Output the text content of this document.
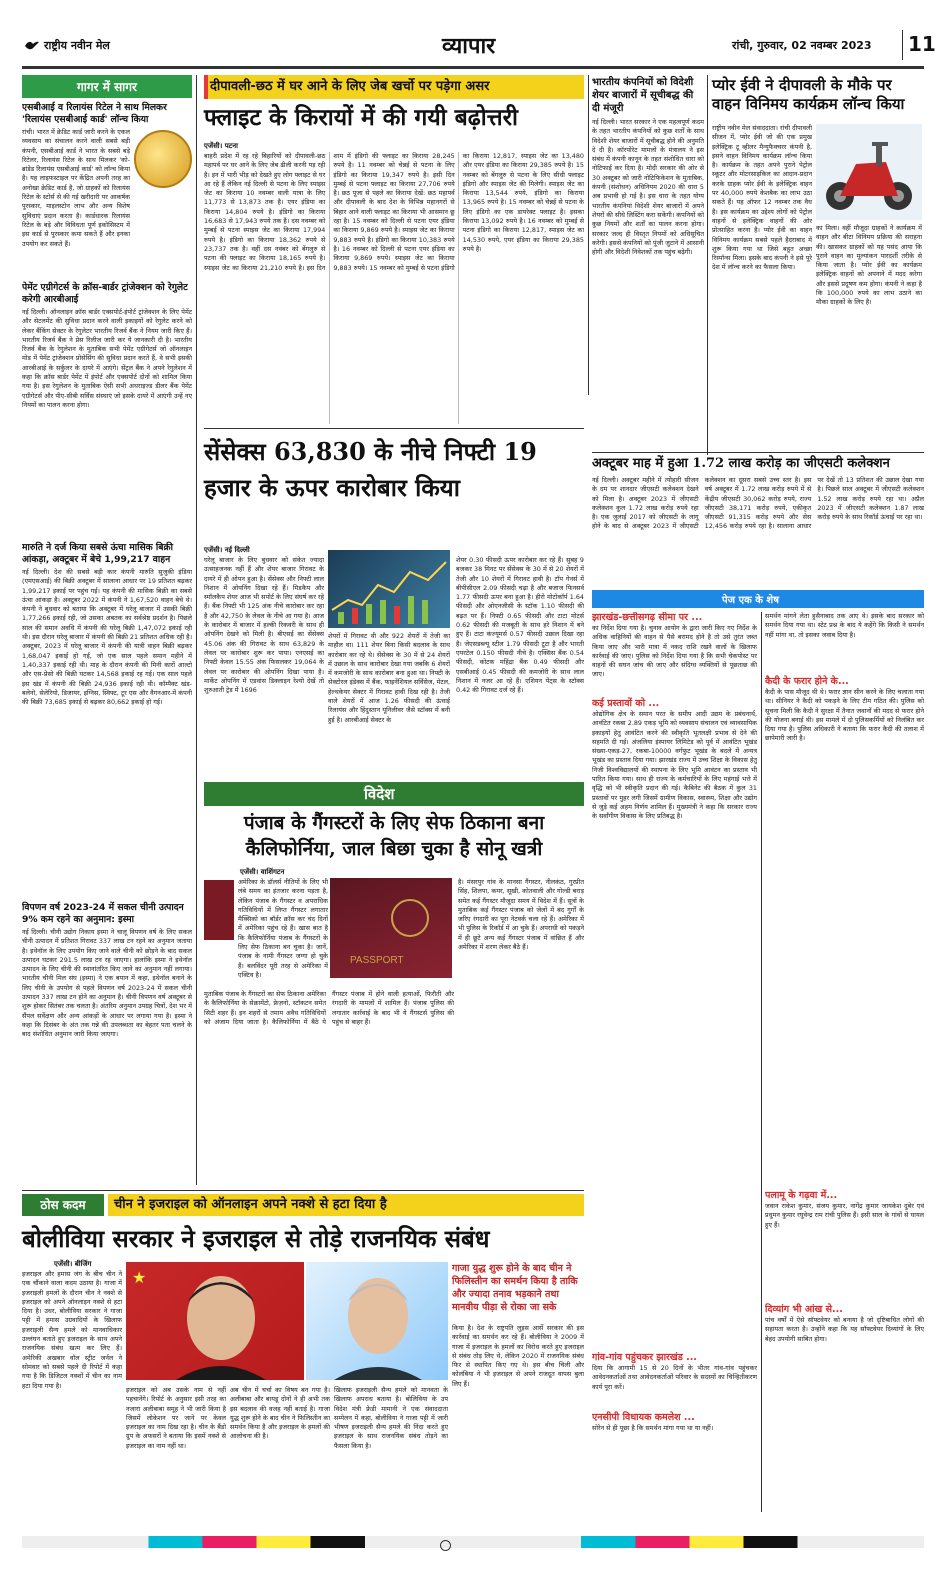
राष्ट्रीय नवीन मेल	व्यापार	रांची, गुरुवार, 02 नवम्बर 2023 11
गागर में सागर
एसबीआई व रिलायंस रिटेल ने साथ मिलकर 'रिलायंस एसबीआई कार्ड' लॉन्च किया
रांची। भारत में क्रेडिट कार्ड जारी करने के एकल व्यवसाय का संचालन करने वाली सबसे बड़ी कंपनी, एसबीआई कार्ड ने भारत के सबसे बड़े रिटेलर, रिलायंस रिटेल के साथ मिलकर 'को-ब्रांडेड रिलायंस एसबीआई कार्ड' को लॉन्च किया है। यह लाइफस्टाइल पर केंद्रित अपनी तरह का अनोखा क्रेडिट कार्ड है, जो ग्राहकों को रिलायंस रिटेल के स्टोर्स से की गई खरीदारी पर आकर्षक पुरस्कार, माइलस्टोन लाभ और अन्य विशेष सुविधाएं प्रदान करता है। कार्डधारक रिलायंस रिटेल के बड़े और विविधता पूर्ण इकोसिस्टम में इस कार्ड से पुरस्कार कमा सकते हैं और इनका उपयोग कर सकते हैं।
पेमेंट एग्रीगेटर्स के क्रॉस-बार्डर ट्रांजेक्शन को रेगुलेट करेगी आरबीआई
नई दिल्ली। ऑनलाइन क्रॉस बार्डर एक्सपोर्ट-इंपोर्ट ट्रांजेक्शन के लिए पेमेंट और सेटलमेंट की सुविधा प्रदान करने वाली इकाइयों को रेगुलेट करने को लेकर बैंकिंग सेक्टर के रेगुलेटर भारतीय रिजर्व बैंक ने नियम जारी किए हैं। भारतीय रिजर्व बैंक ने प्रेस रिलीज जारी कर ये जानकारी दी है। भारतीय रिजर्व बैंक के रेगुलेशन के मुताबिक सभी पेमेंट एग्रीगेटर्स जो ऑनलाइन मोड में पेमेंट ट्रांजेक्शन प्रोसेसिंग की सुविधा प्रदान करते हैं, वे सभी इसकी आरबीआई के सर्कुलर के दायरे में आएंगे। सेंट्रल बैंक ने अपने रेगुलेशन में कहा कि क्रॉस बार्डर पेमेंट में इंपोर्ट और एक्सपोर्ट दोनों को शामिल किया गया है। इस रेगुलेशन के मुताबिक ऐसी सभी अथराइज्ड डीलर बैंक पेमेंट एग्रीगेटर्स और पीए-सीबी सर्विस संस्थाएं जो इसके दायरे में आएंगी उन्हें नए नियमों का पालन करना होगा।
मारुति ने दर्ज किया सबसे ऊंचा मासिक बिक्री आंकड़ा, अक्टूबर में बेचे 1,99,217 वाहन
नई दिल्ली। देश की सबसे बड़ी कार कंपनी मारुति सुजुकी इंडिया (एमएसआई) की बिक्री अक्टूबर में सालाना आधार पर 19 प्रतिशत बढ़कर 1,99,217 इकाई पर पहुंच गई। यह कंपनी की मासिक बिक्री का सबसे ऊंचा आंकड़ा है। अक्टूबर 2022 में कंपनी ने 1,67,520 वाहन बेचे थे। कंपनी ने बुधवार को बताया कि अक्टूबर में घरेलू बाजार में उसकी बिक्री 1,77,266 इकाई रही, जो उसका अबतक का सर्वश्रेष्ठ प्रदर्शन है। पिछले साल की समान अवधि में कंपनी की घरेलू बिक्री 1,47,072 इकाई रही थी। इस दौरान घरेलू बाजार में कंपनी की बिक्री 21 प्रतिशत अधिक रही है। अक्टूबर, 2023 में घरेलू बाजार में कंपनी की यात्री वाहन बिक्री बढ़कर 1,68,047 इकाई हो गई, जो एक साल पहले समान महीने में 1,40,337 इकाई रही थी। माह के दौरान कंपनी की मिनी कारों आल्टो और एस-प्रेसो की बिक्री घटकर 14,568 इकाई रह गई। एक साल पहले इस खंड में कंपनी की बिक्री 24,936 इकाई रही थी। कॉम्पैक्ट खंड-बलेनो, सेलेरियो, डिजायर, इग्निस, स्विफ्ट, टूर एस और वैगनआर-में कंपनी की बिक्री 73,685 इकाई से बढ़कर 80,662 इकाई हो गई।
विपणन वर्ष 2023-24 में सकल चीनी उत्पादन 9% कम रहने का अनुमान: इस्मा
नई दिल्ली। चीनी उद्योग निकाय इस्मा ने चालू विपणन वर्ष के लिए सकल चीनी उत्पादन में प्रतिशत गिरावट 337 लाख टन रहने का अनुमान जताया है। इथेनॉल के लिए उपयोग किए जाने वाले चीनी को छोड़ने के बाद सकल उत्पादन घटकर 291.5 लाख टन रह जाएगा। हालांकि इस्मा ने इथेनॉल उत्पादन के लिए चीनी की स्थानांतरित किए जाने का अनुमान नहीं लगाया। भारतीय चीनी मिल संघ (इस्मा) ने एक बयान में कहा, इथेनॉल बनाने के लिए चीनी के उपयोग से पहले विपणन वर्ष 2023-24 में सकल चीनी उत्पादन 337 लाख टन होने का अनुमान है। चीनी विपणन वर्ष अक्टूबर से शुरू होकर सितंबर तक चलता है। अंतरिम अनुमान उपग्रह चित्रों, देश भर में सैंपल सर्वेक्षण और अन्य आंकड़ों के आधार पर लगाया गया है। इस्मा ने कहा कि दिसंबर के अंत तक गन्ने की उपलब्धता का बेहतर पता चलने के बाद संशोधित अनुमान जारी किया जाएगा।
दीपावली-छठ में घर आने के लिए जेब खर्चो पर पड़ेगा असर
फ्लाइट के किरायों में की गयी बढ़ोत्तरी
एजेंसी। पटना
बाहरी प्रदेश में रह रहे बिहारियों को दीपावली-छठ महापर्व पर घर आने के लिए जेब ढीली करनी पड़ रही है। इन में भारी भीड़ को देखते हुए लोग फ्लाइट से घर आ रहे हैं लेकिन नई दिल्ली से पटना के लिए स्पाइस जेट का किराया 10 नवम्बर वाली यात्रा के लिए 11,773 से 13,873 तक है। एयर इंडिया का किराया 14,804 रुपये है। इंडिगो का किराया 16,683 से 17,943 रुपये तक है। दस नवम्बर को मुम्बई से पटना स्पाइस जेट का किराया 17,994 रुपये है। इंडिगो का किराया 18,362 रुपये से 23,737 तक है। वहीं दस नवंबर को बेंगलुरु से पटना की फ्लाइट का किराया 18,165 रुपये है। स्पाइस जेट का किराया 21,210 रुपये है। इस दिन शाम में इंडिगो की फ्लाइट का किराया 28,245 रुपये है। 11 नवम्बर को चेन्नई से पटना के लिए इंडिगो का किराया 19,347 रुपये है। इसी दिन मुम्बई से पटना फ्लाइट का किराया 27,706 रुपये है। छठ पूजा से पहले का किराया देखें: छठ महापर्व और दीपावली के बाद देश के विभिन्न महानगरों से बिहार आने वाली फ्लाइट का किराया भी आसमान छू रहा है। 15 नवम्बर को दिल्ली से पटना एयर इंडिया का किराया 9,869 रुपये है। स्पाइस जेट का किराया 9,883 रुपये है। इंडिगो का किराया 10,383 रुपये है। 16 नवम्बर को दिल्ली से पटना एयर इंडिया का किराया 9,869 रुपये। स्पाइस जेट का किराया 9,883 रुपये। 15 नवम्बर को मुम्बई से पटना इंडिगो का किराया 12,817, स्पाइस जेट का 13,480 और एयर इंडिया का किराया 29,385 रुपये है। 15 नवम्बर को बेंगलुरु से पटना के लिए सीधी फ्लाइट इंडिगो और स्पाइस जेट की मिलेगी। स्पाइस जेट का किराया 13,544 रुपये, इंडिगो का किराया 13,965 रुपये है। 15 नवम्बर को चेन्नई से पटना के लिए इंडिगो का एक डायरेक्ट फ्लाइट है। इसका किराया 13,092 रुपये है। 16 नवम्बर को मुम्बई से पटना इंडिगो का किराया 12,817, स्पाइस जेट का 14,530 रुपये, एयर इंडिया का किराया 29,385 रुपये है।
सेंसेक्स 63,830 के नीचे निफ्टी 19 हजार के ऊपर कारोबार किया
एजेंसी। नई दिल्ली
घरेलू बाजार के लिए बुधवार को संकेत ज्यादा उत्साहजनक नहीं हैं और शेयर बाजार गिरावट के दायरे में ही ओपन हुआ है। सेंसेक्स और निफ्टी लाल निशान में ओपनिंग दिखा रहे हैं। मिडकैप और स्मॉलकैप शेयर आज भी सपोर्ट के लिए संघर्ष कर रहे हैं। बैंक निफ्टी भी 125 अंक नीचे कारोबार कर रहा है और 42,750 के लेवल के नीचे आ गया है। आज के कारोबार में बाजार में हल्की रिकवरी के साथ ही ओपनिंग देखने को मिली है। बीएसई का सेंसेक्स 45.06 अंक की गिरावट के साथ 63,829 के लेवल पर कारोबार शुरू कर पाया। एनएसई का निफ्टी केवल 15.55 अंक फिसलकर 19,064 के लेवल पर कारोबार की ओपनिंग दिखा पाया है। मार्केट ओपनिंग में एडवांस डिक्लाइन रेश्यो देखें तो शुरुआती ट्रेड में 1696
शेयरों में गिरावट थी और 922 शेयरों में तेजी का माहौल था। 111 शेयर बिना किसी बदलाव के साथ कारोबार कर रहे थे। सेंसेक्स के 30 में से 24 शेयरों में उछाल के साथ कारोबार देखा गया जबकि 6 शेयरों में कमजोरी के साथ कारोबार बना हुआ था। निफ्टी के सेक्टोरल इंडेक्स में बैंक, फाइनेंशियल सर्विसेज, मेटल, हेल्थकेयर सेक्टर में गिरावट हावी दिख रही है। तेजी वाले शेयरों में आज 1.26 फीसदी की ऊंचाई रिलायंस और हिंदुस्तान यूनिलीवर जैसे स्टॉक्स में बनी हुई है। आरबीआई सेक्टर के
शेयर 0.30 फीसदी ऊपर कारोबार कर रहे हैं। सुबह 9 बजकर 38 मिनट पर सेंसेक्स के 30 में से 20 शेयरों में तेजी और 10 शेयरों में गिरावट हावी है। टॉप गेनर्स में बीपीसीएल 2.09 फीसदी चढ़ा है और बजाज फिनसर्व 1.77 फीसदी ऊपर बना हुआ है। हीरो मोटोकॉर्प 1.64 फीसदी और ओएनजीसी के स्टॉक 1.10 फीसदी की बढ़त पर हैं। निफ्टी 0.65 फीसदी और टाटा मोटर्स 0.62 फीसदी की मजबूती के साथ हरे निशान में बने हुए हैं। टाटा कंज्यूमर्स 0.57 फीसदी उछाल दिखा रहा है। जेएसडब्ल्यू स्टील 1.79 फीसदी टूटा है और भारती एयरटेल 0.150 फीसदी नीचे है। एक्सिस बैंक 0.54 फीसदी, कोटक महिंद्रा बैंक 0.49 फीसदी और एसबीआई 0.45 फीसदी की कमजोरी के साथ लाल निशान में नजर आ रहे हैं। एशियन पेंट्स के स्टॉक्स 0.42 की गिरावट दर्ज रहे हैं।
विदेश
पंजाब के गैंगस्टरों के लिए सेफ ठिकाना बना कैलिफोर्निया, जाल बिछा चुका है सोनू खत्री
एजेंसी। वाशिंगटन
अमेरिका के डॉलर्स नीतियों के लिए भी लंबे समय का इंतजार करना पड़ता है, लेकिन पंजाब के गैंगस्टर व अपराधिक गतिविधियों में लिप्त गैंगस्टर लगातार मैक्सिको का बॉर्डर क्रॉस कर चंद दिनों में अमेरिका पहुंच रहे हैं। खास बात है कि कैलिफोर्निया पंजाब के गैंगस्टरों के लिए सेफ ठिकाना बन चुका है। जानें, पंजाब के नामी गैंगस्टर जग्गा हो चुके हैं। बलविंदर पूरी तरह से अमेरिका में एक्टिव है।
PASSPORT
है। मंसरपुर गांव के मानसा गैंगस्टर, नीलकंठ, गुरप्रीत सिंह, शिलपा, कमर, सूखी, कोतवाली और गोल्डी बराड़ समेत कई गैंगस्टर मौजूदा समय में विदेश में हैं। सूत्रों के मुताबिक कई गैंगस्टर पंजाब को जेलों में बंद गुर्गों के जरिए रंगदारी का पूरा नेटवर्क चला रहे हैं। अमेरिका में भी पुलिस के रिकॉर्ड में आ चुके हैं। अपराधी को पकड़ने में ही छूटे अन्य कई गैंगस्टर पंजाब में वांछित हैं और अमेरिका में शरण लेकर बैठे हैं।
मुताबिक पंजाब के गैंगस्टरों का सेफ ठिकाना अमेरिका के कैलिफोर्निया के सेक्रामेंटो, फ्रेज़नो, स्टॉकटन समेत सिटी शहर हैं। इन शहरों से तमाम अवैध गतिविधियों को अंजाम दिया जाता है। कैलिफोर्निया में बैठे ये गैंगस्टर पंजाब में होने वाली हत्याओं, फिरौती और रंगदारी के मामलों में शामिल हैं। पंजाब पुलिस की लगातार कार्रवाई के बाद भी ये गैंगस्टर्स पुलिस की पहुंच से बाहर हैं।
भारतीय कंपनियों को विदेशी शेयर बाजारों में सूचीबद्ध की दी मंजूरी
नई दिल्ली। भारत सरकार ने एक महत्वपूर्ण कदम के तहत भारतीय कंपनियों को कुछ शर्तों के साथ विदेशी शेयर बाजारों में सूचीबद्ध होने की अनुमति दे दी है। कॉरपोरेट मामलों के मंत्रालय ने इस संबंध में कंपनी कानून के तहत संशोधित धारा को नोटिफाई कर दिया है। मोदी सरकार की ओर से 30 अक्टूबर को जारी नोटिफिकेशन के मुताबिक, कंपनी (संशोधन) अधिनियम 2020 की धारा 5 अब प्रभावी हो गई है। इस धारा के तहत योग्य भारतीय कंपनियां विदेशी शेयर बाजारों में अपने शेयरों की सीधे लिस्टिंग करा सकेंगी। कंपनियों को कुछ नियमों और शर्तों का पालन करना होगा। सरकार जल्द ही विस्तृत नियमों को अधिसूचित करेगी। इससे कंपनियों को पूंजी जुटाने में आसानी होगी और विदेशी निवेशकों तक पहुंच बढ़ेगी।
प्योर ईवी ने दीपावली के मौके पर वाहन विनिमय कार्यक्रम लॉन्च किया
राष्ट्रीय नवीन मेल संवाददाता। रांची दीपावली सीजन में, प्योर ईवी जो की एक प्रमुख इलेक्ट्रिक टू व्हीलर मैन्युफैक्चरर कंपनी है, इसने वाहन विनिमय कार्यक्रम लॉन्च किया है। कार्यक्रम के तहत अपने पुराने पेट्रोल स्कूटर और मोटरसाइकिल का आदान-प्रदान करके ग्राहक प्योर ईवी के इलेक्ट्रिक वाहन पर 40,000 रुपये केशबैक का लाभ उठा सकते हैं। यह ऑफर 12 नवम्बर तक वैध है। इस कार्यक्रम का उद्देश्य लोगों को पेट्रोल वाहनों से इलेक्ट्रिक वाहनों की ओर प्रोत्साहित करना है। प्योर ईवी का वाहन विनिमय कार्यक्रम सबसे पहले हैदराबाद में शुरू किया गया था जिसे बहुत अच्छा रिस्पॉन्स मिला। इसके बाद कंपनी ने इसे पूरे देश में लॉन्च करने का फैसला किया।
का मिला। वहीं मौजूदा ग्राहकों ने कार्यक्रम में वाहन और बीटा विनिमय प्रक्रिया की सराहना की। खासकर ग्राहकों को यह पसंद आया कि पुराने वाहन का मूल्यांकन पारदर्शी तरीके से किया जाता है। प्योर ईवी का कार्यक्रम इलेक्ट्रिक वाहनों को अपनाने में मदद करेगा और इससे प्रदूषण कम होगा। कंपनी ने कहा है कि 100,000 रुपये का लाभ उठाने का मौका ग्राहकों के लिए है।
अक्टूबर माह में हुआ 1.72 लाख करोड़ का जीएसटी कलेक्शन
नई दिल्ली। अक्टूबर महीने में त्योहारी सीजन के दम पर शानदार जीएसटी कलेक्शन देखने को मिला है। अक्टूबर 2023 में जीएसटी कलेक्शन कुल 1.72 लाख करोड़ रुपये रहा है। एक जुलाई 2017 को जीएसटी के लागू होने के बाद से अक्टूबर 2023 में जीएसटी कलेक्शन का दूसरा सबसे उच्च स्तर है। इस वर्ष अक्टूबर में 1.72 लाख करोड़ रुपये में से केंद्रीय जीएसटी 30,062 करोड़ रुपये, राज्य जीएसटी 38,171 करोड़ रुपये, एकीकृत जीएसटी 91,315 करोड़ रुपये और सेस 12,456 करोड़ रुपये रहा है। सालाना आधार पर देखें तो 13 प्रतिशत की उछाल देखा गया है। पिछले साल अक्टूबर में जीएसटी कलेक्शन 1.52 लाख करोड़ रुपये रहा था। अप्रैल 2023 में जीएसटी कलेक्शन 1.87 लाख करोड़ रुपये के साथ रिकॉर्ड ऊंचाई पर रहा था।
पेज एक के शेष
झारखंड-छत्तीसगढ़ सीमा पर ...
का निर्देश दिया गया है। चुनाव आयोग के द्वारा जारी किए गए निर्देश के अधिक वाहिनियों की वाहन से पैसे बरामद होने है तो उसे तुरंत जब्त किया जाए और भारी मात्रा में नकद राशि रखने वालों के खिलाफ कार्रवाई की जाए। पुलिस को निर्देश दिया गया है कि सभी चेकपोस्ट पर वाहनों की सघन जांच की जाए और संदिग्ध व्यक्तियों से पूछताछ की जाए।
कई प्रस्तावों को ...
ओद्योगिक क्षेत्र के समान परत के समीप आदी उद्यम के प्रबंधनार्थ, आवंटित रकबा 2.89 एकड़ भूमि को व्यवसाय संचालन एवं व्यावसायिक इकाइयों हेतु आवंटित करने की स्वीकृति भूतलक्षी प्रभाव से देने की सहमति दी गई। अंजलिया इंस्पायर लिमिटेड को पूर्व में आवंटित भूखंड संख्या-एकड़-27, रकबा-10000 वर्गफुट भूखंड के बदले में अन्यत्र भूखंड का प्रस्ताव दिया गया। झारखंड राज्य में उच्च शिक्षा के विकास हेतु निजी विश्वविद्यालयों की स्थापना के लिए भूमि आवंटन का प्रस्ताव भी पारित किया गया। साथ ही राज्य के कर्मचारियों के लिए महंगाई भत्ते में वृद्धि को भी स्वीकृति प्रदान की गई। कैबिनेट की बैठक में कुल 31 प्रस्तावों पर मुहर लगी जिसमें ग्रामीण विकास, स्वास्थ्य, शिक्षा और उद्योग से जुड़े कई अहम निर्णय शामिल हैं। मुख्यमंत्री ने कहा कि सरकार राज्य के सर्वांगीण विकास के लिए प्रतिबद्ध है।
गांव-गांव पहुंचकर झारखंड ...
दिया कि आगामी 15 से 20 दिनों के भीतर गांव-गांव पहुंचकर आवेदनकर्ताओं तथा आवेदनकर्ताओं परिवार के सदस्यों का चिन्हितीकरण कार्य पूरा करें।
एनसीपी विधायक कमलेश ...
सोरेन से ही पूछा है कि समर्थन मांगा गया था या नहीं।
समर्थन मांगने लेता हुसैनाबाद तक आए थे। इसके बाद सरकार को समर्थन दिया गया था। स्टेट प्रश्न के बाद ये कहेंगे कि किसी ने समर्थन नहीं मांगा था, तो इसका जवाब दिया है।
कैदी के फरार होने के...
कैदी के पास मौजूद थी थे। फरार ज्ञान सीन करने के लिए चलाता गया था। सीनियर ने कैदी को पकड़ने के लिए टीम गठित की। पुलिस को सूचना मिली कि कैदी ने सुरक्षा में तैनात जवानों की मदद से फरार होने की योजना बनाई थी। इस मामले में दो पुलिसकर्मियों को निलंबित कर दिया गया है। पुलिस अधिकारी ने बताया कि फरार कैदी की तलाश में छापेमारी जारी है।
पलामू के गढ़वा में...
जवान राकेश कुमार, संजय कुमार, नागेंद्र कुमार जायकेश दुबेर एवं प्रधुमन कुमार रघुवेन्द्र राम रांची पुलिस हैं। इसी साल के गांवों से घायल हुए हैं।
दिव्यांग भी आंख से...
पांच वर्षों में ऐसे सॉफ्टवेयर को बनाया है जो दृष्टिबाधित लोगों की सहायता करता है। उन्होंने कहा कि यह सॉफ्टवेयर दिव्यांगों के लिए बेहद उपयोगी साबित होगा।
ठोस कदम	चीन ने इजराइल को ऑनलाइन अपने नक्शे से हटा दिया है
बोलीविया सरकार ने इजराइल से तोड़े राजनयिक संबंध
एजेंसी। बीजिंग
इजराइल और हमास जंग के बीच चीन ने एक चौंकाने वाला कदम उठाया है। गाजा में इजराइली हमलों के दौरान चीन ने नक्शे से इजराइल को अपने ऑनलाइन नक्शे से हटा दिया है। उधर, बोलीविया सरकार ने गाजा पट्टी में हमास उग्रवादियों के खिलाफ इजराइली सैन्य हमले को मानवाधिकार उल्लंघन बताते हुए इजराइल के साथ अपने राजनयिक संबंध खत्म कर लिए हैं। अमेरिकी अखबार वॉल स्ट्रीट जर्नल ने सोमवार को सबसे पहले दी रिपोर्ट में कहा गया है कि डिजिटल नक्शों में चीन का नाम हटा दिया गया है।
★	गाजा युद्ध शुरू होने के बाद चीन ने फिलिस्तीन का समर्थन किया है ताकि और ज्यादा तनाव भड़काने तथा मानवीय पीड़ा से रोका जा सके
इजराइल को अब उसके नाम से नहीं पहचानेंगे। रिपोर्ट के अनुसार इसी तरह का नजारा अलीबाबा समूह ने भी जारी किया है जिसमें लोकेशन पर जाने पर केवल इजराइल का नाम दिख रहा है। चीन के बैंडो ग्रुप के अफसरों ने बताया कि इसमें नक्शे से इजराइल का नाम नहीं था।
अब चीन में चर्चा का विषय बन गया है। अलीबाबा और बायडू दोनों ने ही अभी तक इस बदलाव की वजह नहीं बताई है। गाजा युद्ध शुरू होने के बाद चीन ने फिलिस्तीन का समर्थन किया है और इजराइल के हमलों की आलोचना की है।
खिलाफ इजराइली सैन्य हमले को मानवता के खिलाफ अपराध बताया है। बोलिविया के उप विदेश मंत्री फ्रेडी मामानी ने एक संवाददाता सम्मेलन में कहा, बोलीविया ने गाजा पट्टी में जारी भीषण इजराइली सैन्य हमले की निंदा करते हुए इजराइल के साथ राजनयिक संबंध तोड़ने का फैसला किया है।
किया है। देश के राष्ट्रपति लुइस आर्से सरकार की इस कार्रवाई का समर्थन कर रहे हैं। बोलीविया ने 2009 में गाजा में इजराइल के हमलों का विरोध करते हुए इजराइल से संबंध तोड़ लिए थे, लेकिन 2020 में राजनयिक संबंध फिर से स्थापित किए गए थे। इस बीच चिली और कोलंबिया ने भी इजराइल से अपने राजदूत वापस बुला लिए हैं।
